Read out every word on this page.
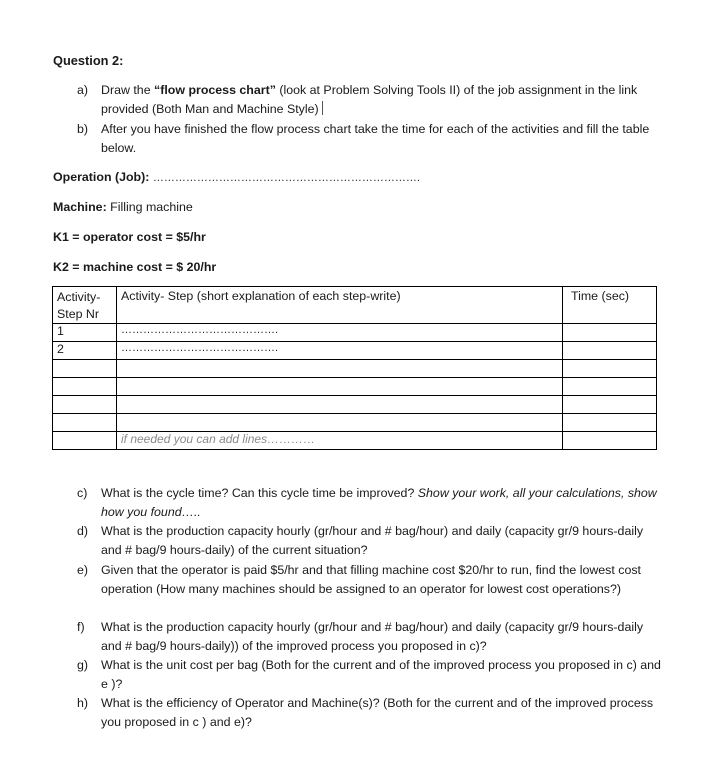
Question 2:
a) Draw the “flow process chart” (look at Problem Solving Tools II) of the job assignment in the link provided (Both Man and Machine Style)
b) After you have finished the flow process chart take the time for each of the activities and fill the table below.
Operation (Job): ……………………………………………………………….
Machine: Filling machine
K1 = operator cost = $5/hr
K2 = machine cost = $ 20/hr
Activity- Step Nr	Activity- Step (short explanation of each step-write)	Time (sec)
1	…………………………………….	
2	…………………………………….	

	if needed you can add lines…………	
c) What is the cycle time? Can this cycle time be improved? Show your work, all your calculations, show how you found…..
d) What is the production capacity hourly (gr/hour and # bag/hour) and daily (capacity gr/9 hours-daily and # bag/9 hours-daily) of the current situation?
e) Given that the operator is paid $5/hr and that filling machine cost $20/hr to run, find the lowest cost operation (How many machines should be assigned to an operator for lowest cost operations?)
f) What is the production capacity hourly (gr/hour and # bag/hour) and daily (capacity gr/9 hours-daily and # bag/9 hours-daily)) of the improved process you proposed in c)?
g) What is the unit cost per bag (Both for the current and of the improved process you proposed in c) and e )?
h) What is the efficiency of Operator and Machine(s)? (Both for the current and of the improved process you proposed in c ) and e)?
